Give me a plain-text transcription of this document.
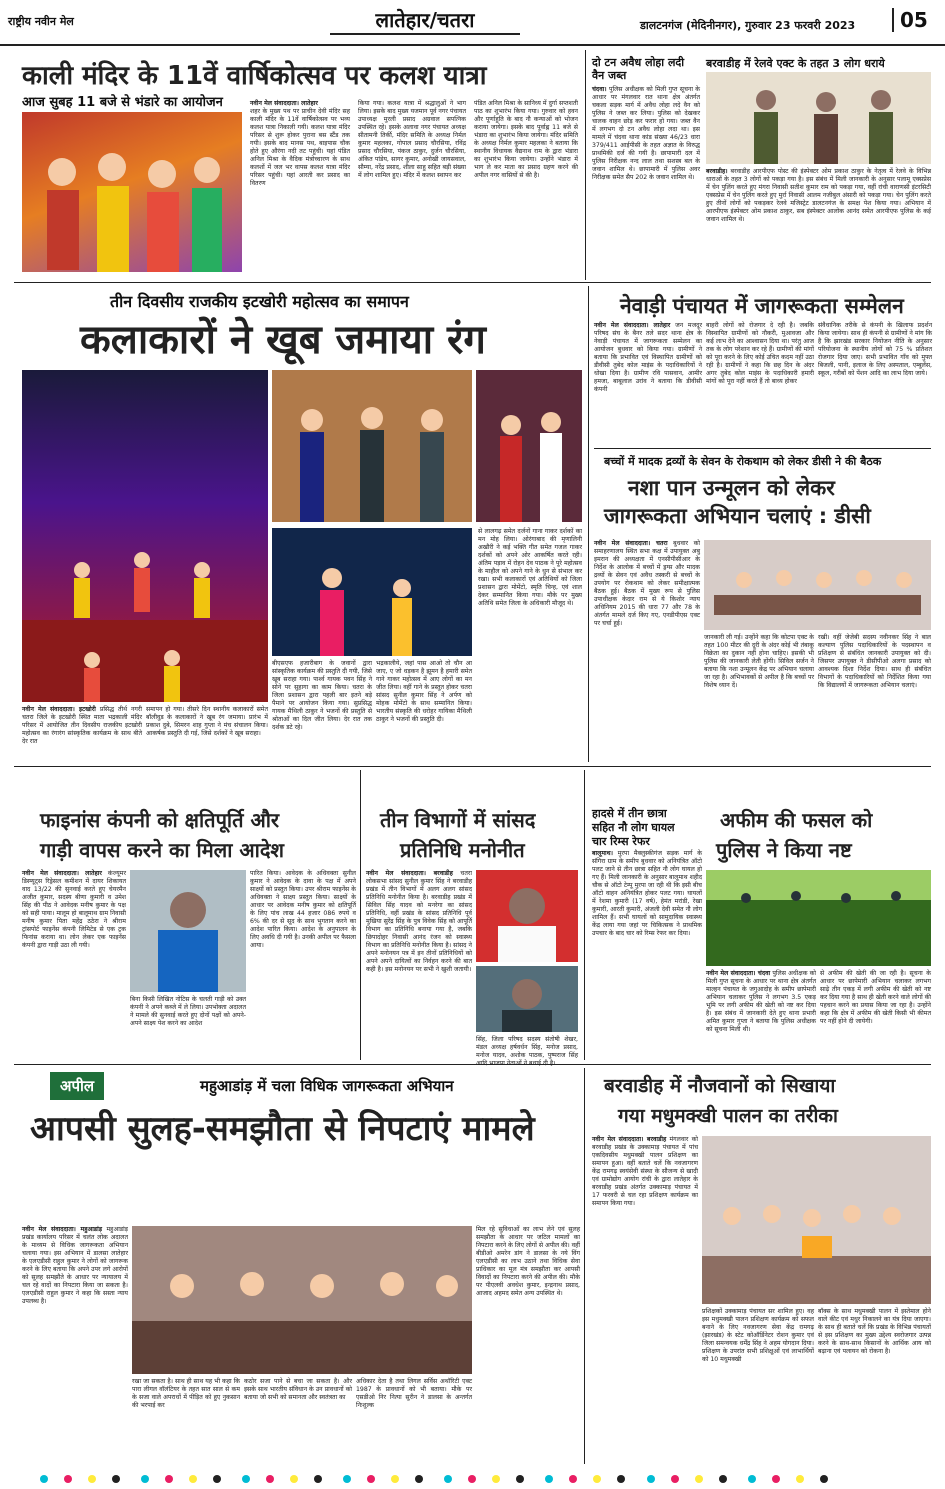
राष्ट्रीय नवीन मेल	लातेहार/चतरा	डालटनगंज (मेदिनीनगर), गुरुवार 23 फरवरी 2023	05
काली मंदिर के 11वें वार्षिकोत्सव पर कलश यात्रा
आज सुबह 11 बजे से भंडारे का आयोजन	नवीन मेल संवाददाता। लातेहार
शहर के मुख्य पथ पर प्राचीन देवी मंदिर सह काली मंदिर के 11वें वार्षिकोत्सव पर भव्य कलश यात्रा निकाली गयी। कलश यात्रा मंदिर परिसर से शुरू होकर पुराना बस स्टैंड तक गयी। इसके बाद मानस पथ, बाइपास चौक होते हुए औरंगा नदी तट पहुंची। यहां पंडित अनिल मिश्रा के वैदिक मंत्रोच्चारण के साथ कलशों में जल भर वापस कलश यात्रा मंदिर परिसर पहुंची। यहां आरती कर प्रसाद का वितरण
किया गया। कलश यात्रा में श्रद्धालुओं ने भाग लिया। इसके बाद मुख्य यजमान पूर्व नगर पंचायत उपाध्यक्ष मुरली प्रसाद अग्रवाल सपत्निक उपस्थित रहे। इसके अलावा नगर पंचायत अध्यक्ष सीतामनी तिर्की, मंदिर समिति के अध्यक्ष निर्मल कुमार महलका, गोपाल प्रसाद चौरसिया, रविंद्र प्रसाद चौरसिया, पंकज ठाकुर, दुर्जन चौरसिया, अंकित पांडेय, सागर कुमार, अनोखी जायसवाल, सौम्या, नरेंद्र प्रसाद, शीला साहु सहित बड़ी संख्या में लोग शामिल हुए। मंदिर में कलश स्थापन कर
पंडित अनिल मिश्रा के सानिध्य में दुर्गा सप्तशती पाठ का शुभारंभ किया गया। गुरुवार को हवन और पूर्णाहुति के बाद नौ कन्याओं को भोजन कराया जायेगा। इसके बाद पूर्वाह्न 11 बजे से भंडारा का शुभारंभ किया जायेगा। मंदिर समिति के अध्यक्ष निर्मल कुमार महलका ने बताया कि स्थानीय विधायक वैद्यनाथ राम के द्वारा भंडारा का शुभारंभ किया जायेगा। उन्होंने भंडारा में भाग ले कर माता का प्रसाद ग्रहण करने की अपील नगर वासियों से की है।
दो टन अवैध लोहा लदी वैन जब्त
चंदवा। पुलिस अधीक्षक को मिली गुप्त सूचना के आधार पर मंगलवार रात थाना क्षेत्र अंतर्गत चकला सड़क मार्ग में अवैध लोहा लदे वैन को पुलिस ने जब्त कर लिया। पुलिस को देखकर चालक वाहन छोड़ कर फरार हो गया। जब्त वैन में लगभग दो टन अवैध लोहा लदा था। इस मामले में चंदवा थाना कांड संख्या 46/23 धारा 379/411 आईपीसी के तहत अज्ञात के विरुद्ध प्राथमिकी दर्ज की गयी है। छापामारी दल में पुलिस निरीक्षक नन्द लाल तथा सशस्त्र बल के जवान शामिल थे। छापामारी में पुलिस अवर निरीक्षक समेत सैप 202 के जवान शामिल थे।
बरवाडीह में रेलवे एक्ट के तहत 3 लोग धराये
बरवाडीह। बरवाडीह आरपीएफ पोस्ट की इंस्पेक्टर ओम प्रकाश ठाकुर के नेतृत्व में रेलवे के विभिन्न धाराओं के तहत 3 लोगों को पकड़ा गया है। इस संबंध में मिली जानकारी के अनुसार पलामू एक्सप्रेस में चेन पुलिंग करते हुए मंगरा निवासी सतीश कुमार राम को पकड़ा गया, वहीं रांची वाराणसी इंटरसिटी एक्सप्रेस में चेन पुलिंग करते हुए मुर्रा निवासी आलम नजीबुल अंसारी को पकड़ा गया। चेन पुलिंग करते हुए तीनों लोगों को पकड़कर रेलवे मजिस्ट्रेट डालटनगंज के समक्ष पेश किया गया। अभियान में आरपीएफ इंस्पेक्टर ओम प्रकाश ठाकुर, सब इंस्पेक्टर आलोक आनंद समेत आरपीएफ पुलिस के कई जवान शामिल थे।
तीन दिवसीय राजकीय इटखोरी महोत्सव का समापन
कलाकारों ने खूब जमाया रंग
से लालगढ़ समेत दर्जनों गाना गाकर दर्शकों का मन मोह लिया। ओरंगाबाद की मृणालिनी अखौरी ने कई भक्ति गीत समेत गजल गाकर दर्शकों को अपने ओर आकर्षित करते रही। अंतिम पड़ाव में रोहन देव पाठक ने पूरे महोत्सव के माहौल को अपने गाने के धुन से संभाल कर रखा। सभी कलाकारों एवं अतिथियों को जिला प्रशासन द्वारा मोमेंटो, स्मृति चिन्ह, एवं शाल देकर सम्मानित किया गया। मौके पर मुख्य अतिथि समेत जिला के अधिकारी मौजूद थे।
बीएसएफ हजारीबाग के जवानों द्वारा सांस्कृतिक कार्यक्रम की प्रस्तुति दी गयी, जिसे खूब सराहा गया। पार्श्व गायक पवन सिंह ने सोने पर सुहागा का काम किया। चतरा के जिला प्रशासन द्वारा पहली बार इतने बड़े पैमाने पर आयोजन किया गया। सुप्रसिद्ध गायक मैथिली ठाकुर ने भजनों की प्रस्तुति से श्रोताओं का दिल जीत लिया। देर रात तक दर्शक डटे रहे।
भद्रकालीये, जहां पास आओ तो चौन आ जाए, ए जो धड़कन है झूमन है हमारी समेत गाने गाकर महोत्सव में आए लोगों का मन जीत लिया। वहीं गाने के प्रस्तुत होकर चतरा सांसद सुनील कुमार सिंह ने अर्पण को मोहक मोमेंटो के साथ सम्मानित किया। भारतीय संस्कृति की धरोहर गायिका मैथिली ठाकुर ने भजनों की प्रस्तुति दी।
नवीन मेल संवाददाता। इटखोरी प्रसिद्ध तीर्थ नगरी चतरा जिले के इटखोरी स्थित माता भद्रकाली मंदिर परिसर में आयोजित तीन दिवसीय राजकीय इटखोरी महोत्सव का रंगारंग सांस्कृतिक कार्यक्रम के साथ बीते देर रात
समापन हो गया। तीसरे दिन स्थानीय कलाकारों समेत बॉलीवुड के कलाकारों ने खूब रंग जमाया। प्रारंभ में प्रकाश दुबे, सिमरन शाह गुप्ता ने मंच संचालन किया। आकर्षक प्रस्तुति दी गई, जिसे दर्शकों ने खूब सराहा।
नेवाड़ी पंचायत में जागरूकता सम्मेलन
नवीन मेल संवाददाता। लातेहार जन मजदूर परिषद संघ के बैनर तले सदर थाना क्षेत्र के नेवाड़ी पंचायत में जागरूकता सम्मेलन का आयोजन बुधवार को किया गया। ग्रामीणों ने बताया कि प्रभावित एवं विस्थापित ग्रामीणों को डीवीसी तुबेद कोल माइंस के पदाधिकारियों ने धोखा दिया है। ग्रामीण रवि पासवान, आमीर हमजा, बाबूलाल उरांव ने बताया कि डीवीसी कंपनी
बाहरी लोगों को रोजगार दे रही है। जबकि विस्थापित ग्रामीणों को नौकरी, मुआवजा और कई लाभ देने का आश्वासन दिया था। परंतु आज तक के लोग परेशान कर रहे हैं। ग्रामीणों की मांगों को पूरा करने के लिए कोई उचित कदम नहीं उठा रही है। ग्रामीणों ने कहा कि छह दिन के अंदर अगर तुबेद कोल माइंस के पदाधिकारी हमारी मांगों को पूरा नहीं करते हैं तो बाध्य होकर
संवैधानिक तरीके से कंपनी के खिलाफ प्रदर्शन किया जायेगा। साथ ही कंपनी से ग्रामीणों ने मांग कि है कि झारखंड सरकार नियोजन नीति के अनुसार परियोजना के स्थानीय लोगों को 75 % प्रतिशत रोजगार दिया जाए। सभी प्रभावित गाँव को मुफ्त बिजली, पानी, इलाज के लिए अस्पताल, एम्बुलेंस, स्कूल, गरीबों को पेंशन आदि का लाभ दिया जाये।
बच्चों में मादक द्रव्यों के सेवन के रोकथाम को लेकर डीसी ने की बैठक
नशा पान उन्मूलन को लेकर
जागरूकता अभियान चलाएं : डीसी
नवीन मेल संवाददाता। चतरा बुधवार को समाहरणालय स्थित सभा कक्ष में उपायुक्त अबु इमरान की अध्यक्षता में एनसीपीसीआर के निर्देश के आलोक में बच्चों में ड्रग्स और मादक द्रव्यों के सेवन एवं अवैध तस्करी से बच्चों के उपयोग पर रोकथाम को लेकर समीक्षात्मक बैठक हुई। बैठक में मुख्य रूप से पुलिस उपाधीक्षक केदार राम से ये किशोर न्याय अधिनियम 2015 की धारा 77 और 78 के अंतर्गत मामले दर्ज किए गए, एनडीपीएस एक्ट पर चर्चा हुई।
जानकारी ली गई। उन्होंने कहा कि कोटपा एक्ट के तहत 100 मीटर की दूरी के अंदर कोई भी तंबाकू विक्रेता का दुकान नहीं होना चाहिए। इसकी भी पुलिस की जानकारी लेती होंगी। सिविल सर्जन ने बताया कि नशा उन्मूलन केंद्र पर अभियान चलाया जा रहा है। अभिभावकों से अपील है कि बच्चों पर विशेष ध्यान दें।
रखी। वहीं जेजेबी सदस्य नवीनकर सिंह ने बाल कल्याण पुलिस पदाधिकारियों के पदस्थापन व प्रशिक्षण से संबंधित जानकारी उपायुक्त को दी। जिसपर उपायुक्त ने डीसीपीओ अलगा प्रसाद को आवश्यक दिशा निर्देश दिया। साथ ही संबंधित विभागों के पदाधिकारियों को निर्देशित किया गया कि विद्यालयों में जागरूकता अभियान चलाएं।
फाइनांस कंपनी को क्षतिपूर्ति और
गाड़ी वापस करने का मिला आदेश
नवीन मेल संवाददाता। लातेहार कंज्यूमर डिस्प्यूट्स रिड्रेसल कमीशन में दायर शिकायत वाद 13/22 की सुनवाई करते हुए चेयरमैन अजीत कुमार, सदस्य बीणा कुमारी व उमेश सिंह की पीठ ने आवेदक मनीष कुमार के पक्ष को सही पाया। मालूम हो बालूमाथ ग्राम निवासी मनीष कुमार पिता महेंद्र ठठेरा ने श्रीराम ट्रांसपोर्ट फाइनेंस कंपनी लिमिटेड से एक ट्रक फिनांस कराया था। लोन लेकर एक फाइनेंस कंपनी द्वारा गाड़ी उठा ली गयी।
बिना किसी लिखित नोटिस के चलती गाड़ी को उक्त कंपनी ने अपने कब्जे में ले लिया। उपभोक्ता अदालत ने मामले की सुनवाई करते हुए दोनों पक्षों को अपने-अपने साक्ष्य पेश करने का आदेश
पारित किया। आवेदक के अधिवक्ता सुनील कुमार ने आवेदक के दावा के पक्ष में अपने साक्ष्यों को प्रस्तुत किया। उपर श्रीराम फाइनेंस के अधिवक्ता ने साक्ष्य प्रस्तुत किया। साक्ष्यों के आधार पर आवेदक मनीष कुमार को क्षतिपूर्ति के लिए पांच लाख 44 हजार 086 रुपये व 6% की दर से सूद के साथ भुगतान करने का आदेश पारित किया। आदेश के अनुपालन के लिए अवधि दी गयी है। उनकी अपील पर फैसला आया।
तीन विभागों में सांसद
प्रतिनिधि मनोनीत
नवीन मेल संवाददाता। बरवाडीह चतरा लोकसभा सांसद सुनील कुमार सिंह ने बरवाडीह प्रखंड में तीन विभागों में अलग अलग सांसद प्रतिनिधि मनोनीत किया है। बरवाडीह प्रखंड में सिविल सिंह यादव को मनरेगा का सांसद प्रतिनिधि, वहीं प्रखंड के सांसद प्रतिनिधि पूर्व मुखिया सुरेंद्र सिंह के पुत्र विवेक सिंह को आपूर्ति विभाग का प्रतिनिधि बनाया गया है, जबकि छिपादोहर निवासी आनंद रंजन को स्वास्थ्य विभाग का प्रतिनिधि मनोनीत किया है। सांसद ने अपने मनोनयन पत्र में इन तीनों प्रतिनिधियों को अपने अपने दायित्वों का निर्वहन करने की बात कही है। इस मनोनयन पर सभी ने खुशी जतायी।
सिंह, जिला परिषद सदस्य संतोषी शेखर, मंडल अध्यक्ष हर्षवर्धन सिंह, मनोज प्रसाद, मनोज यादव, अशोक पाठक, पुष्पराज सिंह
हादसे में तीन छात्रा
सहित नौ लोग घायल
चार रिम्स रेफर
बालूमाथ। मुरपा मैक्लुस्कीगंज सड़क मार्ग के संगिरा ग्राम के समीप बुधवार को अनियंत्रित ऑटो पलट जाने से तीन छात्रा सहित नौ लोग घायल हो गए हैं। मिली जानकारी के अनुसार बालूमाथ शहीद चौक से ऑटो टेम्पू मुरपा जा रही थी कि इसी बीच ऑटो वाहन अनियंत्रित होकर पलट गया। घायलों में रेशमा कुमारी (17 वर्ष), हेमंत मरांडी, रेखा कुमारी, आरती कुमारी, अंजली देवी समेत नौ लोग शामिल हैं। सभी घायलों को सामुदायिक स्वास्थ्य केंद्र लाया गया जहां पर चिकित्सक ने प्राथमिक उपचार के बाद चार को रिम्स रेफर कर दिया।
अफीम की फसल को
पुलिस ने किया नष्ट
नवीन मेल संवाददाता। चंदवा पुलिस अधीक्षक को मिली गुप्त सूचना के आधार पर थाना क्षेत्र अंतर्गत माल्हन पंचायत के जगुआदोह के समीप छापेमारी अभियान चलाकर पुलिस ने लगभग 3.5 एकड़ भूमि पर लगी अफीम की खेती को नष्ट कर दिया है। इस संबंध में जानकारी देते हुए थाना प्रभारी अमित कुमार गुप्ता ने बताया कि पुलिस अधीक्षक को सूचना मिली थी।
से अफीम की खेती की जा रही है। सूचना के आधार पर छापेमारी अभियान चलाकर लगभग साढ़े तीन एकड़ में लगी अफीम की खेती को नष्ट कर दिया गया है साथ ही खेती करने वाले लोगों की पहचान करने का प्रयास किया जा रहा है। उन्होंने कहा कि क्षेत्र में अफीम की खेती किसी भी कीमत पर नहीं होने दी जायेगी।
अपील	महुआडांड़ में चला विधिक जागरूकता अभियान
आपसी सुलह-समझौता से निपटाएं मामले
नवीन मेल संवाददाता। महुआडांड़ महुआडांड़ प्रखंड कार्यालय परिसर में चलंत लोक अदालत के माध्यम से विधिक जागरूकता अभियान चलाया गया। इस अभियान में डालसा लातेहार के एलएडीसी राहुल कुमार ने लोगों को जागरूक करने के लिए बताया कि अपने उपर लगे आरोपों को सुलह समझौते के आधार पर न्यायालय में चल रहे वादों का निपटारा किया जा सकता है। एलएडीसी राहुल कुमार ने कहा कि सस्ता न्याय उपलब्ध है।
रखा जा सकता है। साथ ही साथ यह भी कहा कि पारा लीगल वॉलंटियर के तहत सात साल से कम के सजा वाले अपराधों में पीड़ित को हुए नुकसान की भरपाई कर
कठोर सजा पाने से बचा जा सकता है। और इसके साथ भारतीय संविधान के उन प्रावधानों को बताया जो सभी को समानता और स्वतंत्रता का
अधिकार देता है तथा लिगल सर्विस अथॉरिटी एक्ट 1987 के प्रावधानों को भी बताया। मौके पर एसडीओ निर नित्या सुरीन ने डालसा के अन्तर्गत निःशुल्क
मिल रहे सुविधाओं का लाभ लेने एवं सुलह समझौता के आधार पर जटिल मामलों का निपटारा करने के लिए लोगों से अपील की। वहीं बीडीओ अमरेन डांग ने डालसा के नये विंग एलएडीसी का लाभ उठाने तथा विधिक सेवा प्राधिकार का मूल मंत्र समझौता कर आपसी विवादों का निपटारा करने की अपील की। मौके पर पीएलवी अवधेश कुमार, इन्द्रनाथ प्रसाद, आजाद अहमद समेत अन्य उपस्थित थे।
बरवाडीह में नौजवानों को सिखाया
गया मधुमक्खी पालन का तरीका
नवीन मेल संवाददाता। बरवाडीह मंगलवार को बरवाडीह प्रखंड के उक्कामाड़ पंचायत में पांच एकदिवसीय मधुमक्खी पालन प्रशिक्षण का समापन हुआ। वहीं बताते चलें कि नवजागरण केंद्र रामगढ़ स्वयंसेवी संस्था के सौजन्य से खादी एवं ग्रामोद्योग आयोग रांची के द्वारा लातेहार के बरवाडीह प्रखंड अंतर्गत उक्कामाड़ पंचायत में 17 फरवरी से चल रहा प्रशिक्षण कार्यक्रम का समापन किया गया।
प्रशिक्षकों उक्कामाड़ पंचायत सर शामिल हुए। वह इस मधुमक्खी पालन प्रशिक्षण कार्यक्रम को सफल बनाने के लिए नवजागरण सेवा केंद्र रामगढ़ (झारखंड) के स्टेट कोऑर्डिनेटर रोशन कुमार एवं जिला समन्वयक धर्मेंद्र सिंह ने अहम योगदान दिया। प्रशिक्षण के उपरांत सभी प्रशिक्षुओं एवं लाभार्थियों को 10 मधुमक्खी
बॉक्स के साथ मधुमक्खी पालन में इस्तेमाल होने वाले कीट एवं मधुर निकालने का यंत्र दिया जाएगा। के साथ ही बताते चलें कि प्रखंड के विभिन्न पंचायतों से इस प्रशिक्षण का मुख्य उद्देश्य स्वरोजगार उत्पन्न करने के साथ-साथ किसानों के आर्थिक आय को बढ़ाना एवं पलायन को रोकना है।
